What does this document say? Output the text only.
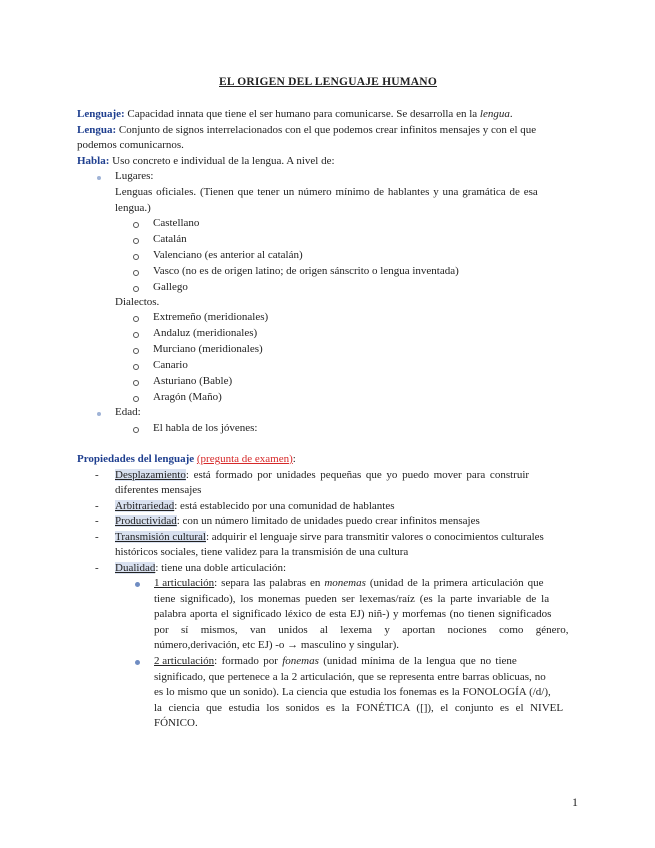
EL ORIGEN DEL LENGUAJE HUMANO
Lenguaje: Capacidad innata que tiene el ser humano para comunicarse. Se desarrolla en la lengua.
Lengua: Conjunto de signos interrelacionados con el que podemos crear infinitos mensajes y con el que
podemos comunicarnos.
Habla: Uso concreto e individual de la lengua. A nivel de:
Lugares:
Lenguas oficiales. (Tienen que tener un número mínimo de hablantes y una gramática de esa
lengua.)
Castellano
Catalán
Valenciano (es anterior al catalán)
Vasco (no es de origen latino; de origen sánscrito o lengua inventada)
Gallego
Dialectos.
Extremeño (meridionales)
Andaluz (meridionales)
Murciano (meridionales)
Canario
Asturiano (Bable)
Aragón (Maño)
Edad:
El habla de los jóvenes:
Propiedades del lenguaje (pregunta de examen):
- Desplazamiento: está formado por unidades pequeñas que yo puedo mover para construir
diferentes mensajes
- Arbitrariedad: está establecido por una comunidad de hablantes
- Productividad: con un número limitado de unidades puedo crear infinitos mensajes
- Transmisión cultural: adquirir el lenguaje sirve para transmitir valores o conocimientos culturales
históricos sociales, tiene validez para la transmisión de una cultura
- Dualidad: tiene una doble articulación:
1 articulación: separa las palabras en monemas (unidad de la primera articulación que
tiene significado), los monemas pueden ser lexemas/raíz (es la parte invariable de la
palabra aporta el significado léxico de esta EJ) niñ-) y morfemas (no tienen significados
por sí mismos, van unidos al lexema y aportan nociones como género,
número,derivación, etc EJ) -o → masculino y singular).
2 articulación: formado por fonemas (unidad mínima de la lengua que no tiene
significado, que pertenece a la 2 articulación, que se representa entre barras oblicuas, no
es lo mismo que un sonido). La ciencia que estudia los fonemas es la FONOLOGÍA (/d/),
la ciencia que estudia los sonidos es la FONÉTICA ([]), el conjunto es el NIVEL
FÓNICO.
1
